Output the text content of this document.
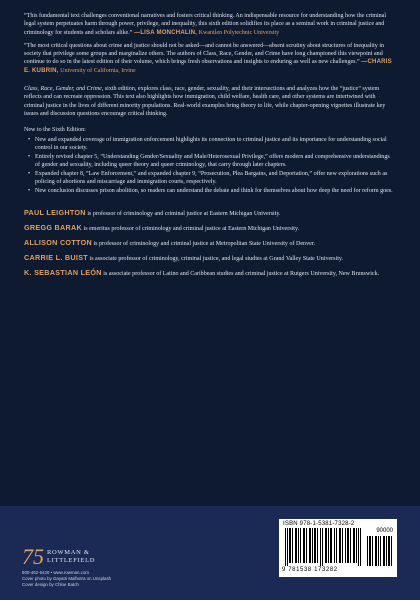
“This fundamental text challenges conventional narratives and fosters critical thinking. An indispensable resource for understanding how the criminal legal system perpetuates harm through power, privilege, and inequality, this sixth edition solidifies its place as a seminal work in criminal justice and criminology for students and scholars alike.” —LISA MONCHALIN, Kwantlen Polytechnic University

“The most critical questions about crime and justice should not be asked—and cannot be answered—absent scrutiny about structures of inequality in society that privilege some groups and marginalize others. The authors of Class, Race, Gender, and Crime have long championed this viewpoint and continue to do so in the latest edition of their volume, which brings fresh observations and insights to enduring as well as new challenges.” —CHARIS E. KUBRIN, University of California, Irvine

Class, Race, Gender, and Crime, sixth edition, explores class, race, gender, sexuality, and their intersections and analyzes how the “justice” system reflects and can recreate oppression. This text also highlights how immigration, child welfare, health care, and other systems are intertwined with criminal justice in the lives of different minority populations. Real-world examples bring theory to life, while chapter-opening vignettes illustrate key issues and discussion questions encourage critical thinking.

New to the Sixth Edition:

• New and expanded coverage of immigration enforcement highlights its connection to criminal justice and its importance for understanding social control in our society.
• Entirely revised chapter 5, “Understanding Gender/Sexuality and Male/Heterosexual Privilege,” offers modern and comprehensive understandings of gender and sexuality, including queer theory and queer criminology, that carry through later chapters.
• Expanded chapter 8, “Law Enforcement,” and expanded chapter 9, “Prosecution, Plea Bargains, and Deportation,” offer new explorations such as policing of abortions and miscarriage and immigration courts, respectively.
• New conclusion discusses prison abolition, so readers can understand the debate and think for themselves about how deep the need for reform goes.

PAUL LEIGHTON is professor of criminology and criminal justice at Eastern Michigan University.

GREGG BARAK is emeritus professor of criminology and criminal justice at Eastern Michigan University.

ALLISON COTTON is professor of criminology and criminal justice at Metropolitan State University of Denver.

CARRIE L. BUIST is associate professor of criminology, criminal justice, and legal studies at Grand Valley State University.

K. SEBASTIAN LEÓN is associate professor of Latino and Caribbean studies and criminal justice at Rutgers University, New Brunswick.

75 ROWMAN &
LITTLEFIELD
800-462-6420 • www.rowman.com
Cover photo by Gayatri Malhotra on Unsplash
Cover design by Chloe Batch
ISBN 978-1-5381-7328-2
90000
9 781538 173282
